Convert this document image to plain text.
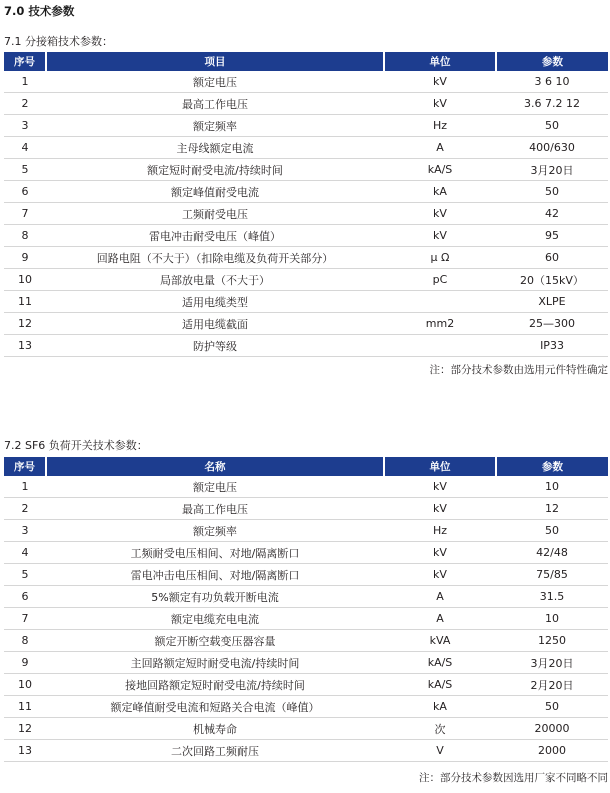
7.0 技术参数
7.1 分接箱技术参数：
序号	项目	单位	参数
1	额定电压	kV	3 6 10
2	最高工作电压	kV	3.6 7.2 12
3	额定频率	Hz	50
4	主母线额定电流	A	400/630
5	额定短时耐受电流/持续时间	kA/S	3月20日
6	额定峰值耐受电流	kA	50
7	工频耐受电压	kV	42
8	雷电冲击耐受电压（峰值）	kV	95
9	回路电阻（不大于）（扣除电缆及负荷开关部分）	μ Ω	60
10	局部放电量（不大于）	pC	20（15kV）
11	适用电缆类型		XLPE
12	适用电缆截面	mm2	25—300
13	防护等级		IP33
注：部分技术参数由选用元件特性确定
7.2 SF6 负荷开关技术参数：
序号	名称	单位	参数
1	额定电压	kV	10
2	最高工作电压	kV	12
3	额定频率	Hz	50
4	工频耐受电压相间、对地/隔离断口	kV	42/48
5	雷电冲击电压相间、对地/隔离断口	kV	75/85
6	5%额定有功负载开断电流	A	31.5
7	额定电缆充电电流	A	10
8	额定开断空载变压器容量	kVA	1250
9	主回路额定短时耐受电流/持续时间	kA/S	3月20日
10	接地回路额定短时耐受电流/持续时间	kA/S	2月20日
11	额定峰值耐受电流和短路关合电流（峰值）	kA	50
12	机械寿命	次	20000
13	二次回路工频耐压	V	2000
注：部分技术参数因选用厂家不同略不同
